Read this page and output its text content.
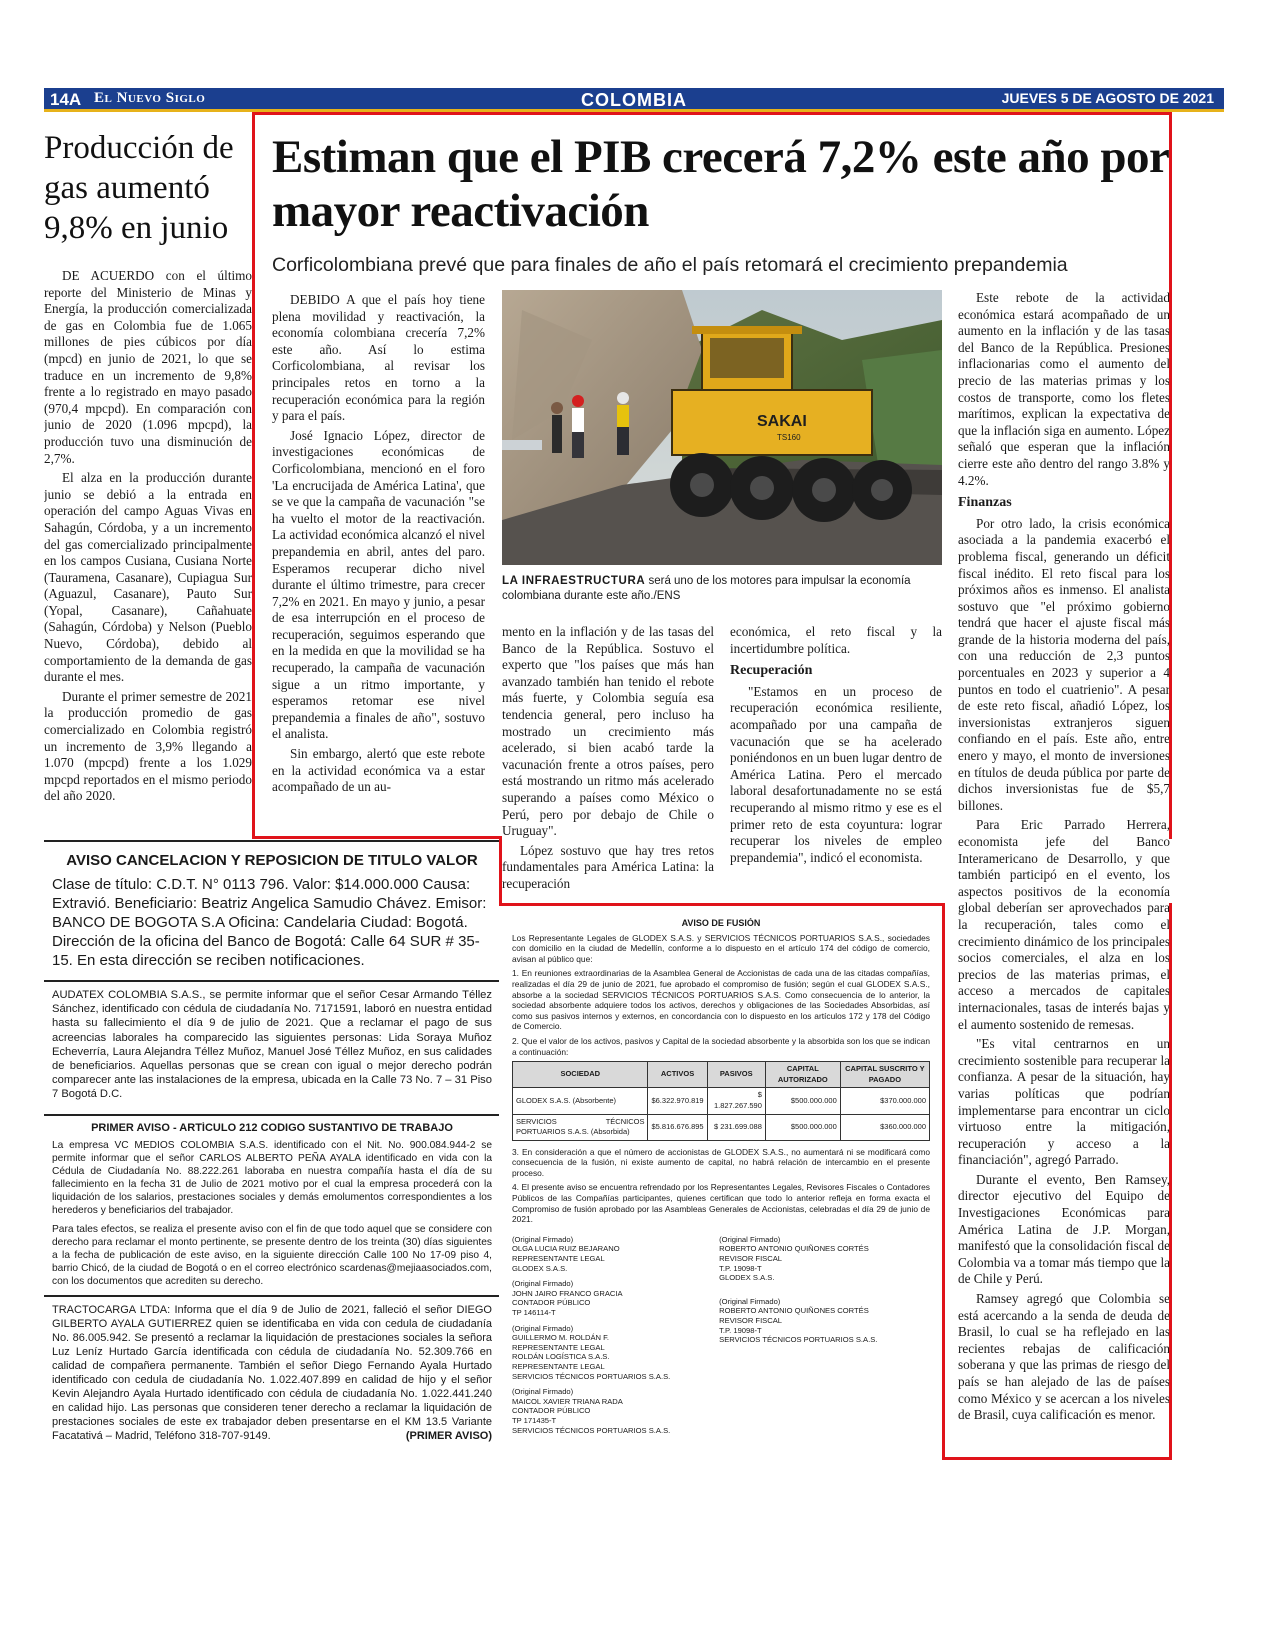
14A El Nuevo Siglo	COLOMBIA	JUEVES 5 DE AGOSTO DE 2021
Producción de gas aumentó 9,8% en junio

DE ACUERDO con el último reporte del Ministerio de Minas y Energía, la producción comercializada de gas en Colombia fue de 1.065 millones de pies cúbicos por día (mpcd) en junio de 2021, lo que se traduce en un incremento de 9,8% frente a lo registrado en mayo pasado (970,4 mpcpd). En comparación con junio de 2020 (1.096 mpcpd), la producción tuvo una disminución de 2,7%.

El alza en la producción durante junio se debió a la entrada en operación del campo Aguas Vivas en Sahagún, Córdoba, y a un incremento del gas comercializado principalmente en los campos Cusiana, Cusiana Norte (Tauramena, Casanare), Cupiagua Sur (Aguazul, Casanare), Pauto Sur (Yopal, Casanare), Cañahuate (Sahagún, Córdoba) y Nelson (Pueblo Nuevo, Córdoba), debido al comportamiento de la demanda de gas durante el mes.

Durante el primer semestre de 2021 la producción promedio de gas comercializado en Colombia registró un incremento de 3,9% llegando a 1.070 (mpcpd) frente a los 1.029 mpcpd reportados en el mismo periodo del año 2020.

Estiman que el PIB crecerá 7,2% este año por mayor reactivación
Corficolombiana prevé que para finales de año el país retomará el crecimiento prepandemia

DEBIDO A que el país hoy tiene plena movilidad y reactivación, la economía colombiana crecería 7,2% este año. Así lo estima Corficolombiana, al revisar los principales retos en torno a la recuperación económica para la región y para el país.

José Ignacio López, director de investigaciones económicas de Corficolombiana, mencionó en el foro 'La encrucijada de América Latina', que se ve que la campaña de vacunación "se ha vuelto el motor de la reactivación. La actividad económica alcanzó el nivel prepandemia en abril, antes del paro. Esperamos recuperar dicho nivel durante el último trimestre, para crecer 7,2% en 2021. En mayo y junio, a pesar de esa interrupción en el proceso de recuperación, seguimos esperando que en la medida en que la movilidad se ha recuperado, la campaña de vacunación sigue a un ritmo importante, y esperamos retomar ese nivel prepandemia a finales de año", sostuvo el analista.

Sin embargo, alertó que este rebote en la actividad económica va a estar acompañado de un au-

SAKAI
TS160
LA INFRAESTRUCTURA será uno de los motores para impulsar la economía colombiana durante este año./ENS

mento en la inflación y de las tasas del Banco de la República. Sostuvo el experto que "los países que más han avanzado también han tenido el rebote más fuerte, y Colombia seguía esa tendencia general, pero incluso ha mostrado un crecimiento más acelerado, si bien acabó tarde la vacunación frente a otros países, pero está mostrando un ritmo más acelerado superando a países como México o Perú, pero por debajo de Chile o Uruguay".

López sostuvo que hay tres retos fundamentales para América Latina: la recuperación

económica, el reto fiscal y la incertidumbre política.

Recuperación

"Estamos en un proceso de recuperación económica resiliente, acompañado por una campaña de vacunación que se ha acelerado poniéndonos en un buen lugar dentro de América Latina. Pero el mercado laboral desafortunadamente no se está recuperando al mismo ritmo y ese es el primer reto de esta coyuntura: lograr recuperar los niveles de empleo prepandemia", indicó el economista.

Este rebote de la actividad económica estará acompañado de un aumento en la inflación y de las tasas del Banco de la República. Presiones inflacionarias como el aumento del precio de las materias primas y los costos de transporte, como los fletes marítimos, explican la expectativa de que la inflación siga en aumento. López señaló que esperan que la inflación cierre este año dentro del rango 3.8% y 4.2%.

Finanzas

Por otro lado, la crisis económica asociada a la pandemia exacerbó el problema fiscal, generando un déficit fiscal inédito. El reto fiscal para los próximos años es inmenso. El analista sostuvo que "el próximo gobierno tendrá que hacer el ajuste fiscal más grande de la historia moderna del país, con una reducción de 2,3 puntos porcentuales en 2023 y superior a 4 puntos en todo el cuatrienio". A pesar de este reto fiscal, añadió López, los inversionistas extranjeros siguen confiando en el país. Este año, entre enero y mayo, el monto de inversiones en títulos de deuda pública por parte de dichos inversionistas fue de $5,7 billones.

Para Eric Parrado Herrera, economista jefe del Banco Interamericano de Desarrollo, y que también participó en el evento, los aspectos positivos de la economía global deberían ser aprovechados para la recuperación, tales como el crecimiento dinámico de los principales socios comerciales, el alza en los precios de las materias primas, el acceso a mercados de capitales internacionales, tasas de interés bajas y el aumento sostenido de remesas.

"Es vital centrarnos en un crecimiento sostenible para recuperar la confianza. A pesar de la situación, hay varias políticas que podrían implementarse para encontrar un ciclo virtuoso entre la mitigación, recuperación y acceso a la financiación", agregó Parrado.

Durante el evento, Ben Ramsey, director ejecutivo del Equipo de Investigaciones Económicas para América Latina de J.P. Morgan, manifestó que la consolidación fiscal de Colombia va a tomar más tiempo que la de Chile y Perú.

Ramsey agregó que Colombia se está acercando a la senda de deuda de Brasil, lo cual se ha reflejado en las recientes rebajas de calificación soberana y que las primas de riesgo del país se han alejado de las de países como México y se acercan a los niveles de Brasil, cuya calificación es menor.

AVISO CANCELACION Y REPOSICION DE TITULO VALOR
Clase de título: C.D.T. N° 0113 796. Valor: $14.000.000 Causa: Extravió. Beneficiario: Beatriz Angelica Samudio Chávez. Emisor: BANCO DE BOGOTA S.A Oficina: Candelaria Ciudad: Bogotá. Dirección de la oficina del Banco de Bogotá: Calle 64 SUR # 35-15. En esta dirección se reciben notificaciones.
AUDATEX COLOMBIA S.A.S., se permite informar que el señor Cesar Armando Téllez Sánchez, identificado con cédula de ciudadanía No. 7171591, laboró en nuestra entidad hasta su fallecimiento el día 9 de julio de 2021. Que a reclamar el pago de sus acreencias laborales ha comparecido las siguientes personas: Lida Soraya Muñoz Echeverría, Laura Alejandra Téllez Muñoz, Manuel José Téllez Muñoz, en sus calidades de beneficiarios. Aquellas personas que se crean con igual o mejor derecho podrán comparecer ante las instalaciones de la empresa, ubicada en la Calle 73 No. 7 – 31 Piso 7 Bogotá D.C.
PRIMER AVISO - ARTÍCULO 212 CODIGO SUSTANTIVO DE TRABAJO
La empresa VC MEDIOS COLOMBIA S.A.S. identificado con el Nit. No. 900.084.944-2 se permite informar que el señor CARLOS ALBERTO PEÑA AYALA identificado en vida con la Cédula de Ciudadanía No. 88.222.261 laboraba en nuestra compañía hasta el día de su fallecimiento en la fecha 31 de Julio de 2021 motivo por el cual la empresa procederá con la liquidación de los salarios, prestaciones sociales y demás emolumentos correspondientes a los herederos y beneficiarios del trabajador.
Para tales efectos, se realiza el presente aviso con el fin de que todo aquel que se considere con derecho para reclamar el monto pertinente, se presente dentro de los treinta (30) días siguientes a la fecha de publicación de este aviso, en la siguiente dirección Calle 100 No 17-09 piso 4, barrio Chicó, de la ciudad de Bogotá o en el correo electrónico scardenas@mejiaasociados.com, con los documentos que acrediten su derecho.
TRACTOCARGA LTDA: Informa que el día 9 de Julio de 2021, falleció el señor DIEGO GILBERTO AYALA GUTIERREZ quien se identificaba en vida con cedula de ciudadanía No. 86.005.942. Se presentó a reclamar la liquidación de prestaciones sociales la señora Luz Leníz Hurtado García identificada con cédula de ciudadanía No. 52.309.766 en calidad de compañera permanente. También el señor Diego Fernando Ayala Hurtado identificado con cedula de ciudadanía No. 1.022.407.899 en calidad de hijo y el señor Kevin Alejandro Ayala Hurtado identificado con cédula de ciudadanía No. 1.022.441.240 en calidad hijo. Las personas que consideren tener derecho a reclamar la liquidación de prestaciones sociales de este ex trabajador deben presentarse en el KM 13.5 Variante Facatativá – Madrid, Teléfono 318-707-9149.	(PRIMER AVISO)
AVISO DE FUSIÓN
Los Representante Legales de GLODEX S.A.S. y SERVICIOS TÉCNICOS PORTUARIOS S.A.S., sociedades con domicilio en la ciudad de Medellín, conforme a lo dispuesto en el artículo 174 del código de comercio, avisan al público que:
1. En reuniones extraordinarias de la Asamblea General de Accionistas de cada una de las citadas compañías, realizadas el día 29 de junio de 2021, fue aprobado el compromiso de fusión; según el cual GLODEX S.A.S., absorbe a la sociedad SERVICIOS TÉCNICOS PORTUARIOS S.A.S. Como consecuencia de lo anterior, la sociedad absorbente adquiere todos los activos, derechos y obligaciones de las Sociedades Absorbidas, así como sus pasivos internos y externos, en concordancia con lo dispuesto en los artículos 172 y 178 del Código de Comercio.
2. Que el valor de los activos, pasivos y Capital de la sociedad absorbente y la absorbida son los que se indican a continuación:
SOCIEDAD	ACTIVOS	PASIVOS	CAPITAL AUTORIZADO	CAPITAL SUSCRITO Y PAGADO
GLODEX S.A.S. (Absorbente)	$6.322.970.819	$ 1.827.267.590	$500.000.000	$370.000.000
SERVICIOS TÉCNICOS PORTUARIOS S.A.S. (Absorbida)	$5.816.676.895	$ 231.699.088	$500.000.000	$360.000.000
3. En consideración a que el número de accionistas de GLODEX S.A.S., no aumentará ni se modificará como consecuencia de la fusión, ni existe aumento de capital, no habrá relación de intercambio en el presente proceso.
4. El presente aviso se encuentra refrendado por los Representantes Legales, Revisores Fiscales o Contadores Públicos de las Compañías participantes, quienes certifican que todo lo anterior refleja en forma exacta el Compromiso de fusión aprobado por las Asambleas Generales de Accionistas, celebradas el día 29 de junio de 2021.
(Original Firmado)
OLGA LUCIA RUIZ BEJARANO
REPRESENTANTE LEGAL
GLODEX S.A.S.
(Original Firmado)
JOHN JAIRO FRANCO GRACIA
CONTADOR PÚBLICO
TP 146114-T
(Original Firmado)
GUILLERMO M. ROLDÁN F.
REPRESENTANTE LEGAL
ROLDÁN LOGÍSTICA S.A.S.
REPRESENTANTE LEGAL
SERVICIOS TÉCNICOS PORTUARIOS S.A.S.
(Original Firmado)
MAICOL XAVIER TRIANA RADA
CONTADOR PÚBLICO
TP 171435-T
SERVICIOS TÉCNICOS PORTUARIOS S.A.S.

(Original Firmado)
ROBERTO ANTONIO QUIÑONES CORTÉS
REVISOR FISCAL
T.P. 19098-T
GLODEX S.A.S.
(Original Firmado)
ROBERTO ANTONIO QUIÑONES CORTÉS
REVISOR FISCAL
T.P. 19098-T
SERVICIOS TÉCNICOS PORTUARIOS S.A.S.
